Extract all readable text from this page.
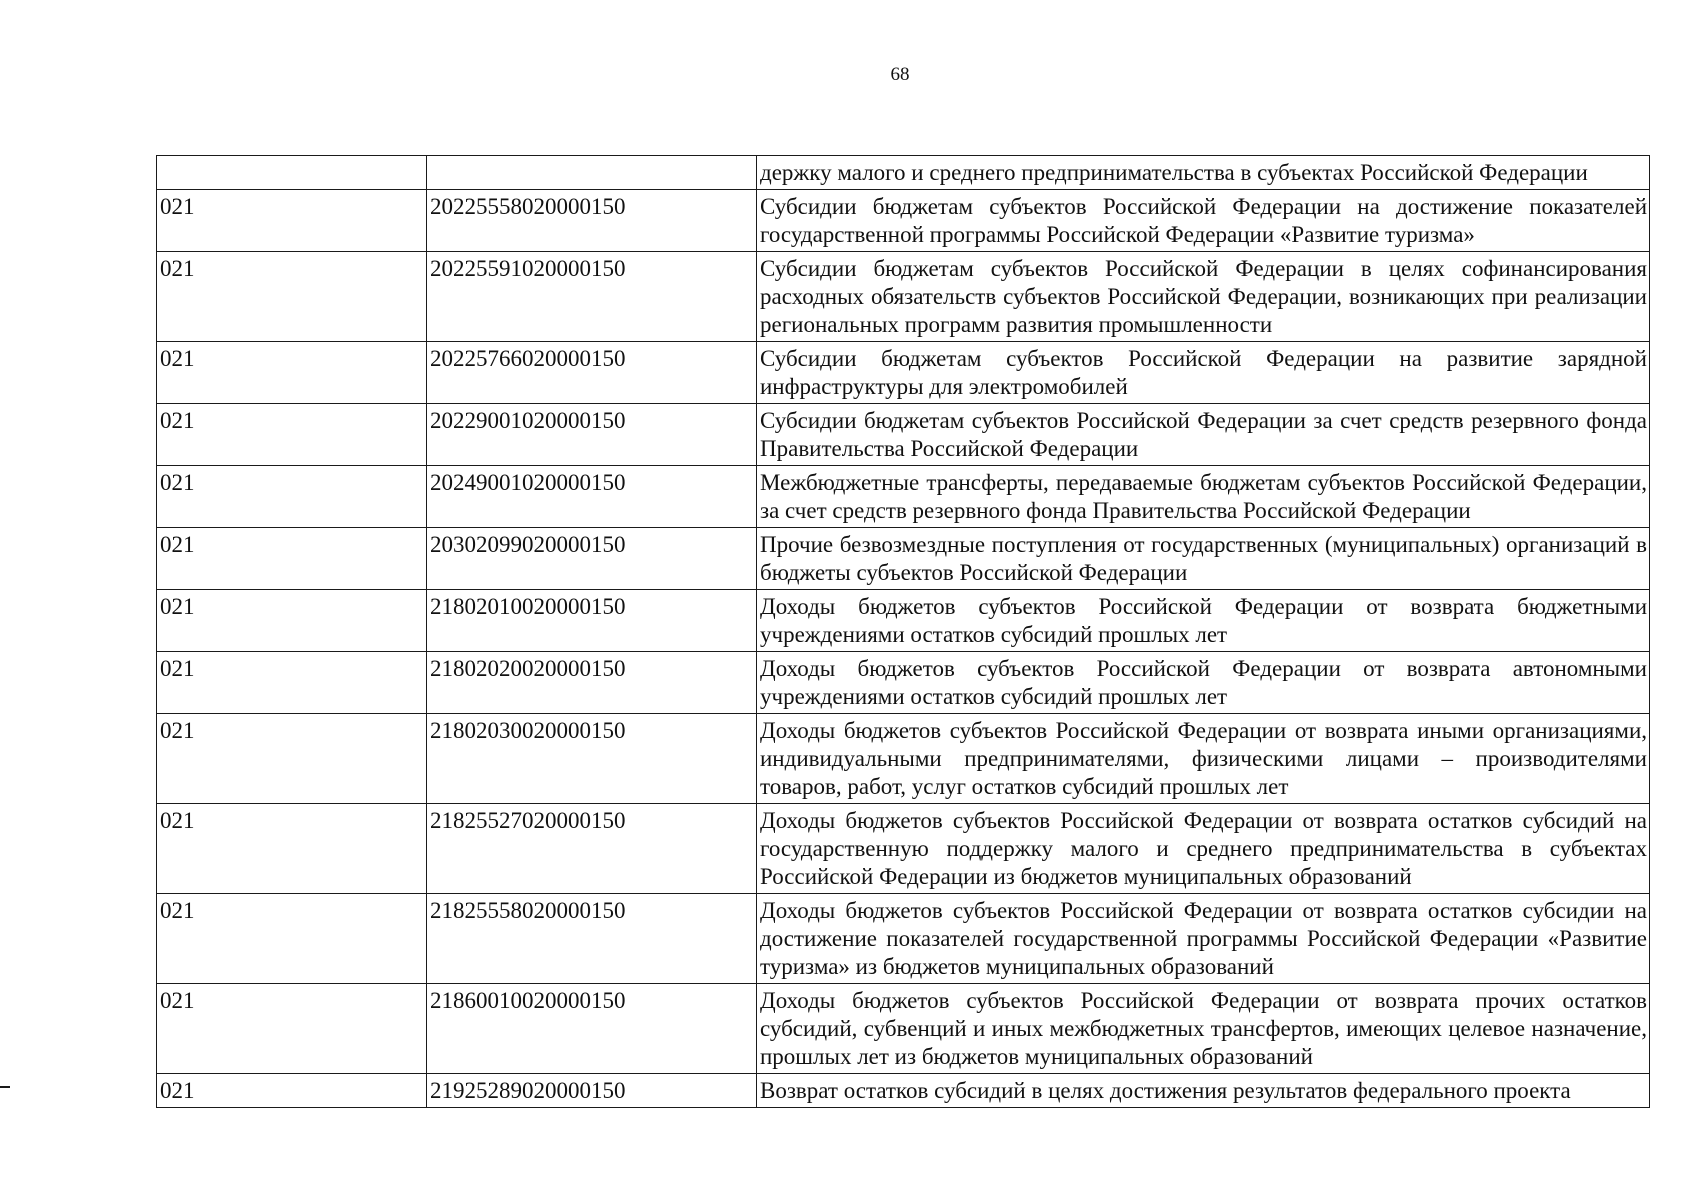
68
		держку малого и среднего предпринимательства в субъектах Российской Федерации
021	20225558020000150	Субсидии бюджетам субъектов Российской Федерации на достижение показателей государственной программы Российской Федерации «Развитие туризма»
021	20225591020000150	Субсидии бюджетам субъектов Российской Федерации в целях софинансирования расходных обязательств субъектов Российской Федерации, возникающих при реализации региональных программ развития промышленности
021	20225766020000150	Субсидии бюджетам субъектов Российской Федерации на развитие зарядной инфраструктуры для электромобилей
021	20229001020000150	Субсидии бюджетам субъектов Российской Федерации за счет средств резервного фонда Правительства Российской Федерации
021	20249001020000150	Межбюджетные трансферты, передаваемые бюджетам субъектов Российской Федерации, за счет средств резервного фонда Правительства Российской Федерации
021	20302099020000150	Прочие безвозмездные поступления от государственных (муниципальных) организаций в бюджеты субъектов Российской Федерации
021	21802010020000150	Доходы бюджетов субъектов Российской Федерации от возврата бюджетными учреждениями остатков субсидий прошлых лет
021	21802020020000150	Доходы бюджетов субъектов Российской Федерации от возврата автономными учреждениями остатков субсидий прошлых лет
021	21802030020000150	Доходы бюджетов субъектов Российской Федерации от возврата иными организациями, индивидуальными предпринимателями, физическими лицами – производителями товаров, работ, услуг остатков субсидий прошлых лет
021	21825527020000150	Доходы бюджетов субъектов Российской Федерации от возврата остатков субсидий на государственную поддержку малого и среднего предпринимательства в субъектах Российской Федерации из бюджетов муниципальных образований
021	21825558020000150	Доходы бюджетов субъектов Российской Федерации от возврата остатков субсидии на достижение показателей государственной программы Российской Федерации «Развитие туризма» из бюджетов муниципальных образований
021	21860010020000150	Доходы бюджетов субъектов Российской Федерации от возврата прочих остатков субсидий, субвенций и иных межбюджетных трансфертов, имеющих целевое назначение, прошлых лет из бюджетов муниципальных образований
021	21925289020000150	Возврат остатков субсидий в целях достижения результатов федерального проекта
